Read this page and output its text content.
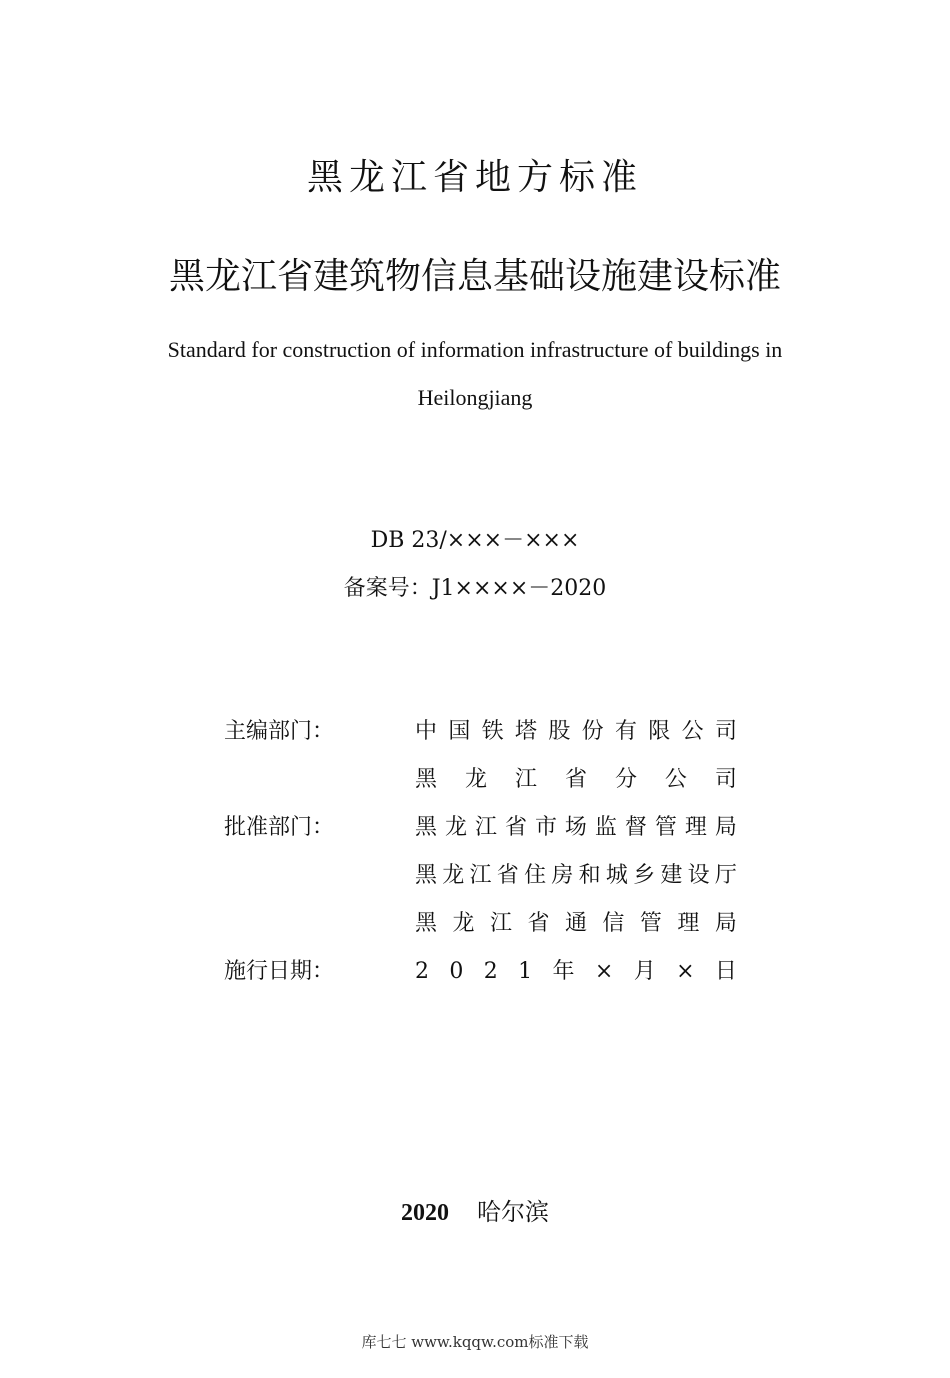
黑龙江省地方标准
黑龙江省建筑物信息基础设施建设标准
Standard for construction of information infrastructure of buildings in
Heilongjiang
DB 23/×××－×××
备案号：J1××××－2020
主编部门：	中 国 铁 塔 股 份 有 限 公 司
黑 龙 江 省 分 公 司
批准部门：	黑 龙 江 省 市 场 监 督 管 理 局
黑 龙 江 省 住 房 和 城 乡 建 设 厅
黑 龙 江 省 通 信 管 理 局
施行日期：	2 0 2 1 年 × 月 × 日
2020 哈尔滨
库七七 www.kqqw.com标准下载
